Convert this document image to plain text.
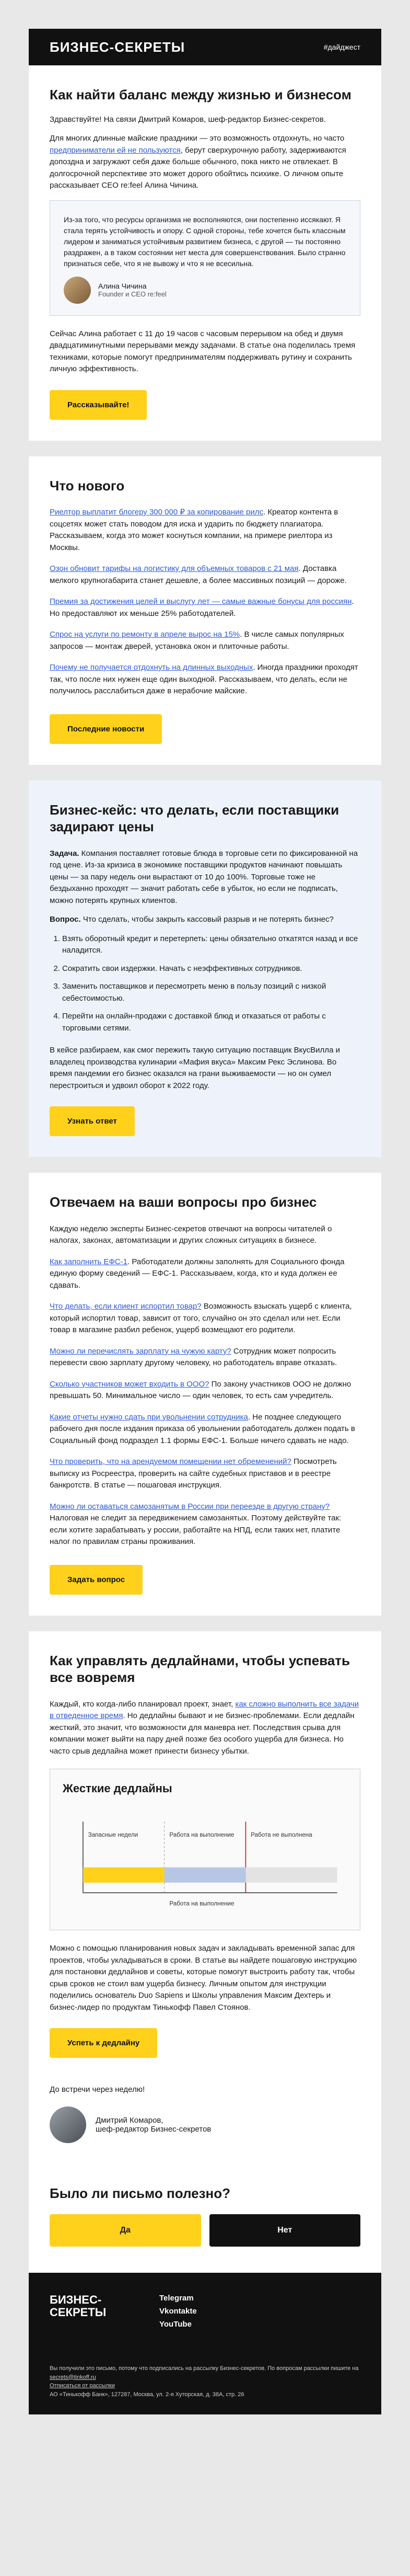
БИЗНЕС-СЕКРЕТЫ	#дайджест
Как найти баланс между жизнью и бизнесом

Здравствуйте! На связи Дмитрий Комаров, шеф-редактор Бизнес-секретов.

Для многих длинные майские праздники — это возможность отдохнуть, но часто предприниматели ей не пользуются, берут сверхурочную работу, задерживаются допоздна и загружают себя даже больше обычного, пока никто не отвлекает. В долгосрочной перспективе это может дорого обойтись психике. О личном опыте рассказывает CEO re:feel Алина Чичина.

Из-за того, что ресурсы организма не восполняются, они постепенно иссякают. Я стала терять устойчивость и опору. С одной стороны, тебе хочется быть классным лидером и заниматься устойчивым развитием бизнеса, с другой — ты постоянно раздражен, а в таком состоянии нет места для совершенствования. Было странно признаться себе, что я не вывожу и что я не всесильна.

Алина Чичина
Founder и CEO re:feel

Сейчас Алина работает с 11 до 19 часов с часовым перерывом на обед и двумя двадцатиминутными перерывами между задачами. В статье она поделилась тремя техниками, которые помогут предпринимателям поддерживать рутину и сохранить личную эффективность.

Рассказывайте!
Что нового

Риелтор выплатит блогеру 300 000 ₽ за копирование рилс. Креатор контента в соцсетях может стать поводом для иска и ударить по бюджету плагиатора. Рассказываем, когда это может коснуться компании, на примере риелтора из Москвы.

Озон обновит тарифы на логистику для объемных товаров с 21 мая. Доставка мелкого крупногабарита станет дешевле, а более массивных позиций — дороже.

Премия за достижения целей и выслугу лет — самые важные бонусы для россиян. Но предоставляют их меньше 25% работодателей.

Спрос на услуги по ремонту в апреле вырос на 15%. В числе самых популярных запросов — монтаж дверей, установка окон и плиточные работы.

Почему не получается отдохнуть на длинных выходных. Иногда праздники проходят так, что после них нужен еще один выходной. Рассказываем, что делать, если не получилось расслабиться даже в нерабочие майские.

Последние новости
Бизнес-кейс: что делать, если поставщики задирают цены

Задача. Компания поставляет готовые блюда в торговые сети по фиксированной на год цене. Из-за кризиса в экономике поставщики продуктов начинают повышать цены — за пару недель они вырастают от 10 до 100%. Торговые тоже не бездыханно проходят — значит работать себе в убыток, но если не подписать, можно потерять крупных клиентов.

Вопрос. Что сделать, чтобы закрыть кассовый разрыв и не потерять бизнес?

1. Взять оборотный кредит и перетерпеть: цены обязательно откатятся назад и все наладится.
2. Сократить свои издержки. Начать с неэффективных сотрудников.
3. Заменить поставщиков и пересмотреть меню в пользу позиций с низкой себестоимостью.
4. Перейти на онлайн-продажи с доставкой блюд и отказаться от работы с торговыми сетями.

В кейсе разбираем, как смог пережить такую ситуацию поставщик ВкусВилла и владелец производства кулинарии «Мафия вкуса» Максим Рекс Эслинова. Во время пандемии его бизнес оказался на грани выживаемости — но он сумел перестроиться и удвоил оборот к 2022 году.

Узнать ответ
Отвечаем на ваши вопросы про бизнес

Каждую неделю эксперты Бизнес-секретов отвечают на вопросы читателей о налогах, законах, автоматизации и других сложных ситуациях в бизнесе.

Как заполнить ЕФС-1. Работодатели должны заполнять для Социального фонда единую форму сведений — ЕФС-1. Рассказываем, когда, кто и куда должен ее сдавать.

Что делать, если клиент испортил товар? Возможность взыскать ущерб с клиента, который испортил товар, зависит от того, случайно он это сделал или нет. Если товар в магазине разбил ребенок, ущерб возмещают его родители.

Можно ли перечислять зарплату на чужую карту? Сотрудник может попросить перевести свою зарплату другому человеку, но работодатель вправе отказать.

Сколько участников может входить в ООО? По закону участников ООО не должно превышать 50. Минимальное число — один человек, то есть сам учредитель.

Какие отчеты нужно сдать при увольнении сотрудника. Не позднее следующего рабочего дня после издания приказа об увольнении работодатель должен подать в Социальный фонд подраздел 1.1 формы ЕФС-1. Больше ничего сдавать не надо.

Что проверить, что на арендуемом помещении нет обременений? Посмотреть выписку из Росреестра, проверить на сайте судебных приставов и в реестре банкротств. В статье — пошаговая инструкция.

Можно ли оставаться самозанятым в России при переезде в другую страну? Налоговая не следит за передвижением самозанятых. Поэтому действуйте так: если хотите зарабатывать у россии, работайте на НПД, если таких нет, платите налог по правилам страны проживания.

Задать вопрос
Как управлять дедлайнами, чтобы успевать все вовремя

Каждый, кто когда-либо планировал проект, знает, как сложно выполнить все задачи в отведенное время. Но дедлайны бывают и не бизнес-проблемами. Если дедлайн жесткий, это значит, что возможности для маневра нет. Последствия срыва для компании может выйти на пару дней позже без особого ущерба для бизнеса. Но часто срыв дедлайна может принести бизнесу убытки.

Жесткие дедлайны
Запасные недели	Работа на выполнение	Работа не выполнена
Работа на выполнение

Можно с помощью планирования новых задач и закладывать временной запас для проектов, чтобы укладываться в сроки. В статье вы найдете пошаговую инструкцию для постановки дедлайнов и советы, которые помогут выстроить работу так, чтобы срыв сроков не стоил вам ущерба бизнесу. Личным опытом для инструкции поделились основатель Duo Sapiens и Школы управления Максим Дехтерь и бизнес-лидер по продуктам Тинькофф Павел Стоянов.

Успеть к дедлайну

До встречи через неделю!

Дмитрий Комаров,
шеф-редактор Бизнес-секретов
Было ли письмо полезно?
Да	Нет
БИЗНЕС-
СЕКРЕТЫ
Telegram
Vkontakte
YouTube
Вы получили это письмо, потому что подписались на рассылку Бизнес-секретов. По вопросам рассылки пишите на secrets@tinkoff.ru
Отписаться от рассылки
АО «Тинькофф Банк», 127287, Москва, ул. 2-я Хуторская, д. 38А, стр. 26
